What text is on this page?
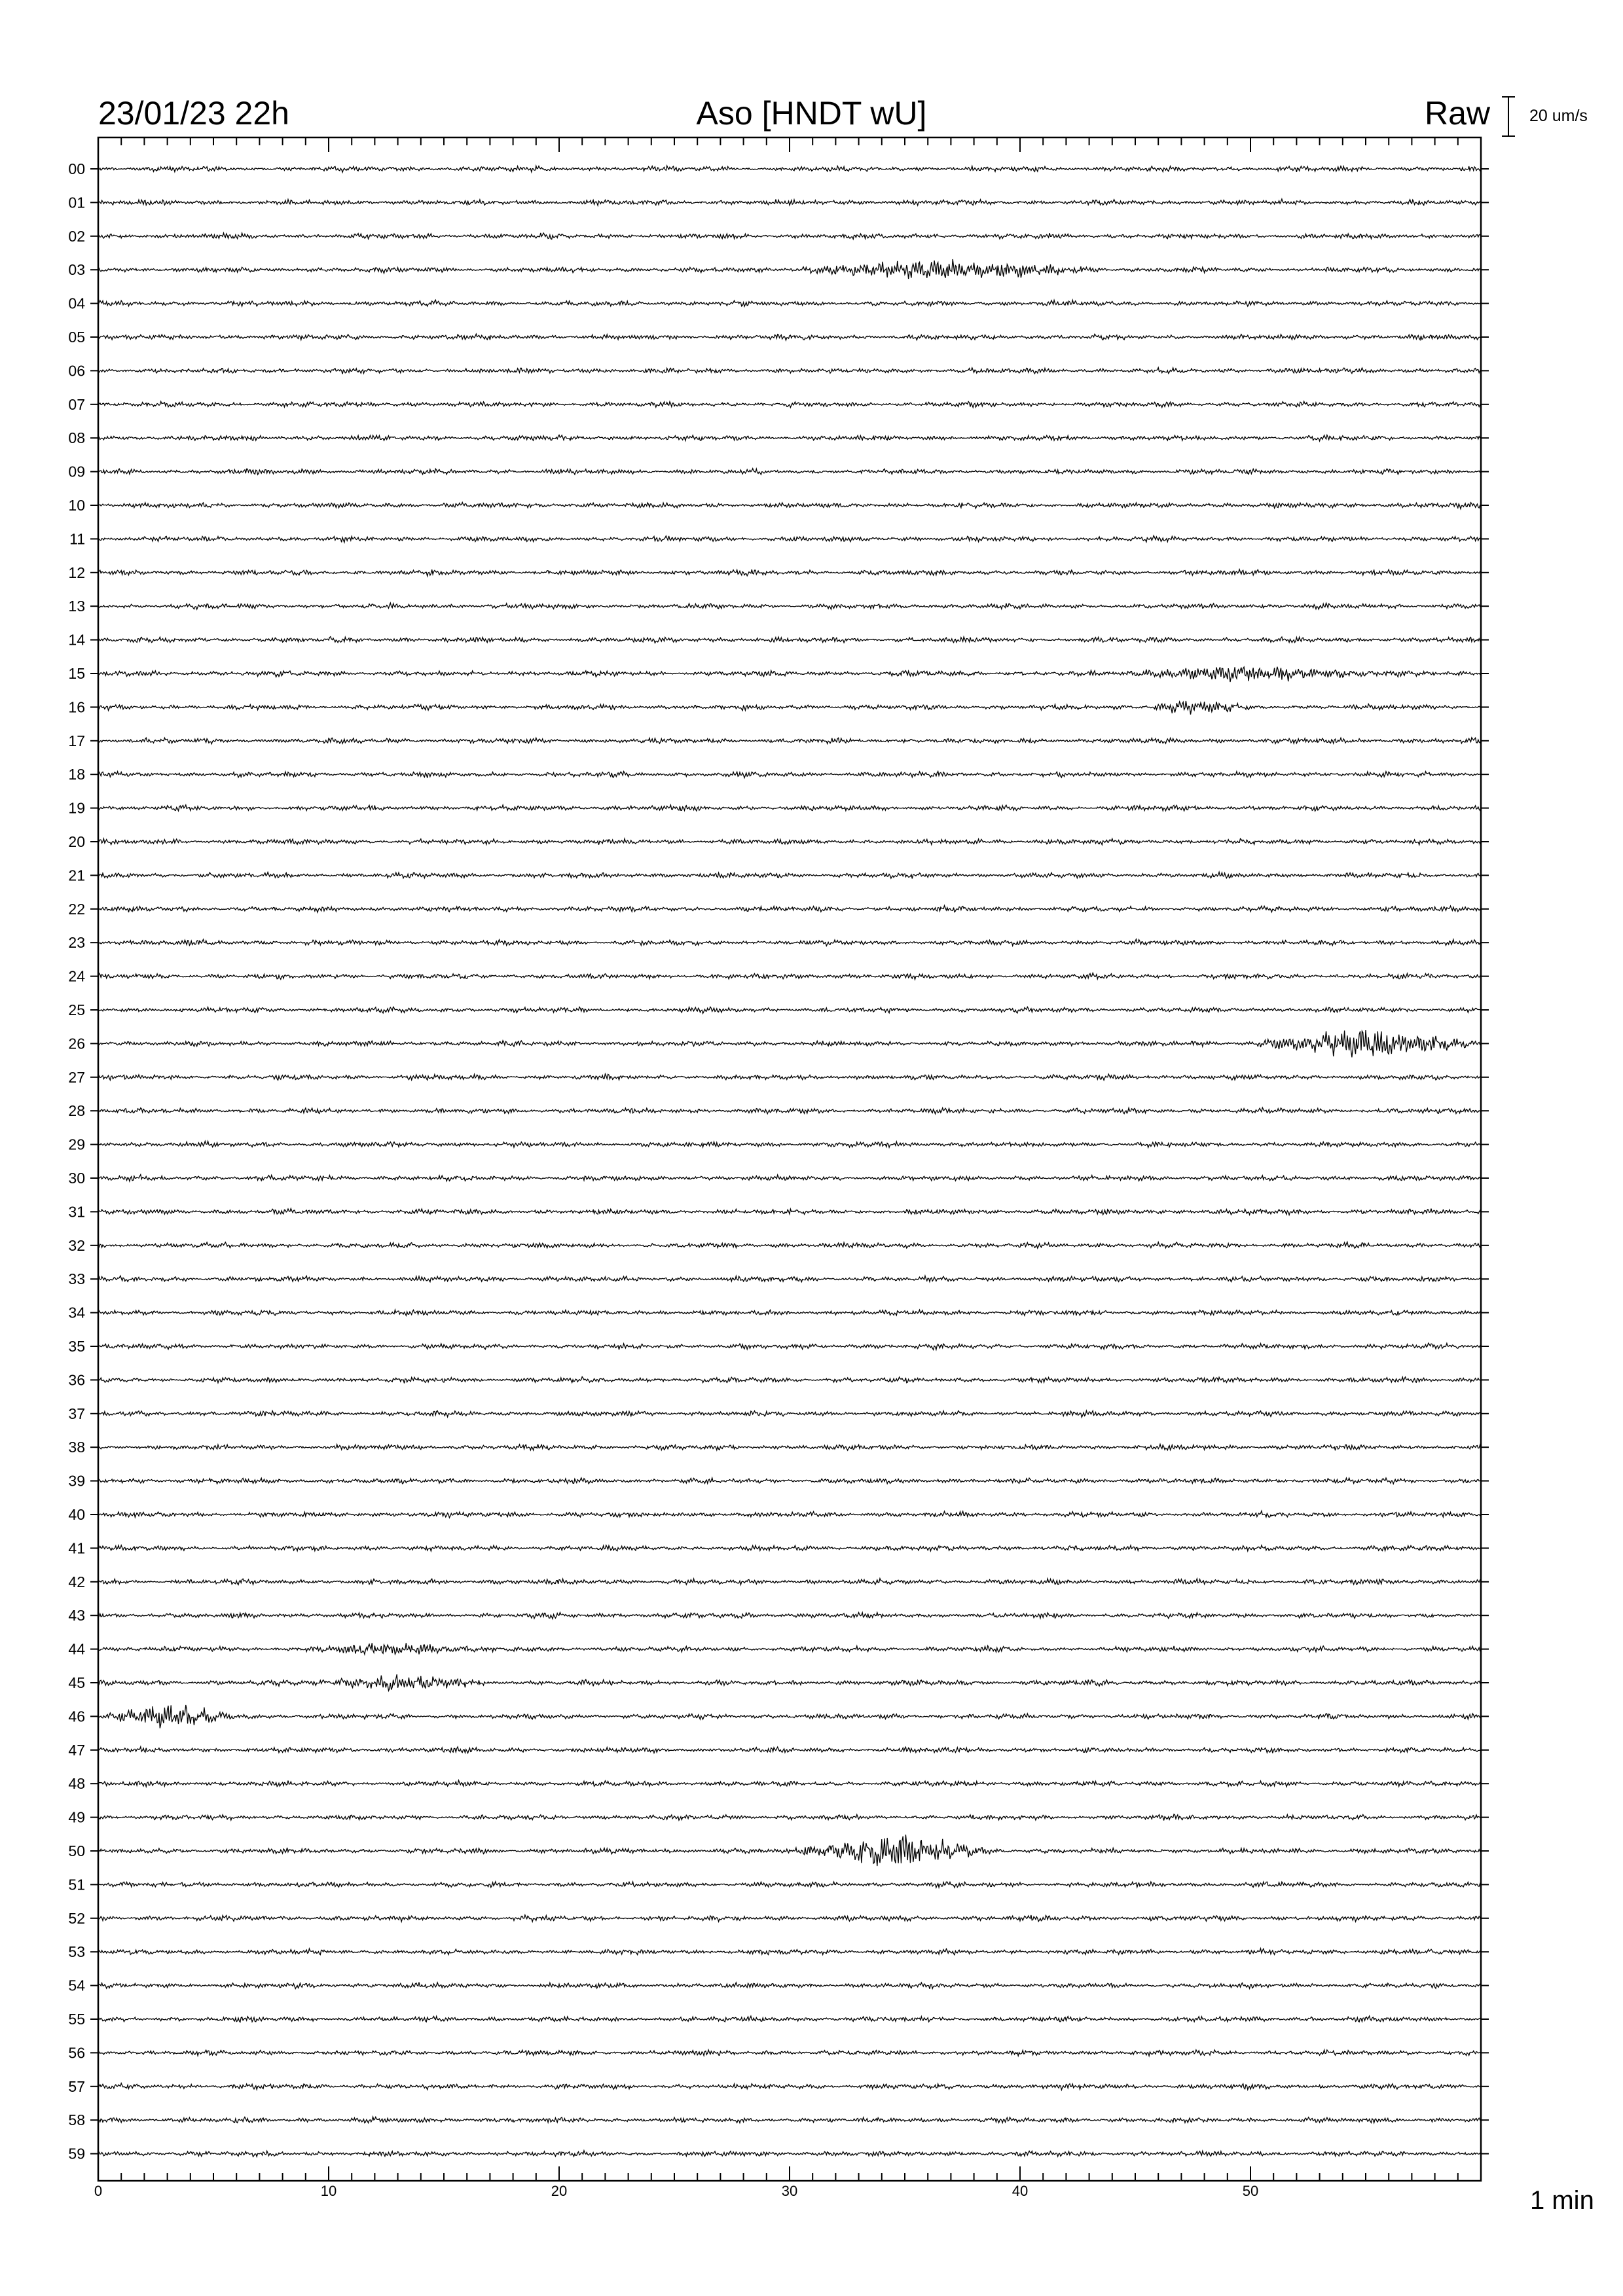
00
01
02
03
04
05
06
07
08
09
10
11
12
13
14
15
16
17
18
19
20
21
22
23
24
25
26
27
28
29
30
31
32
33
34
35
36
37
38
39
40
41
42
43
44
45
46
47
48
49
50
51
52
53
54
55
56
57
58
59
0	10	20	30	40	50
23/01/23 22h	Aso [HNDT wU]	Raw 20 um/s
1 min
